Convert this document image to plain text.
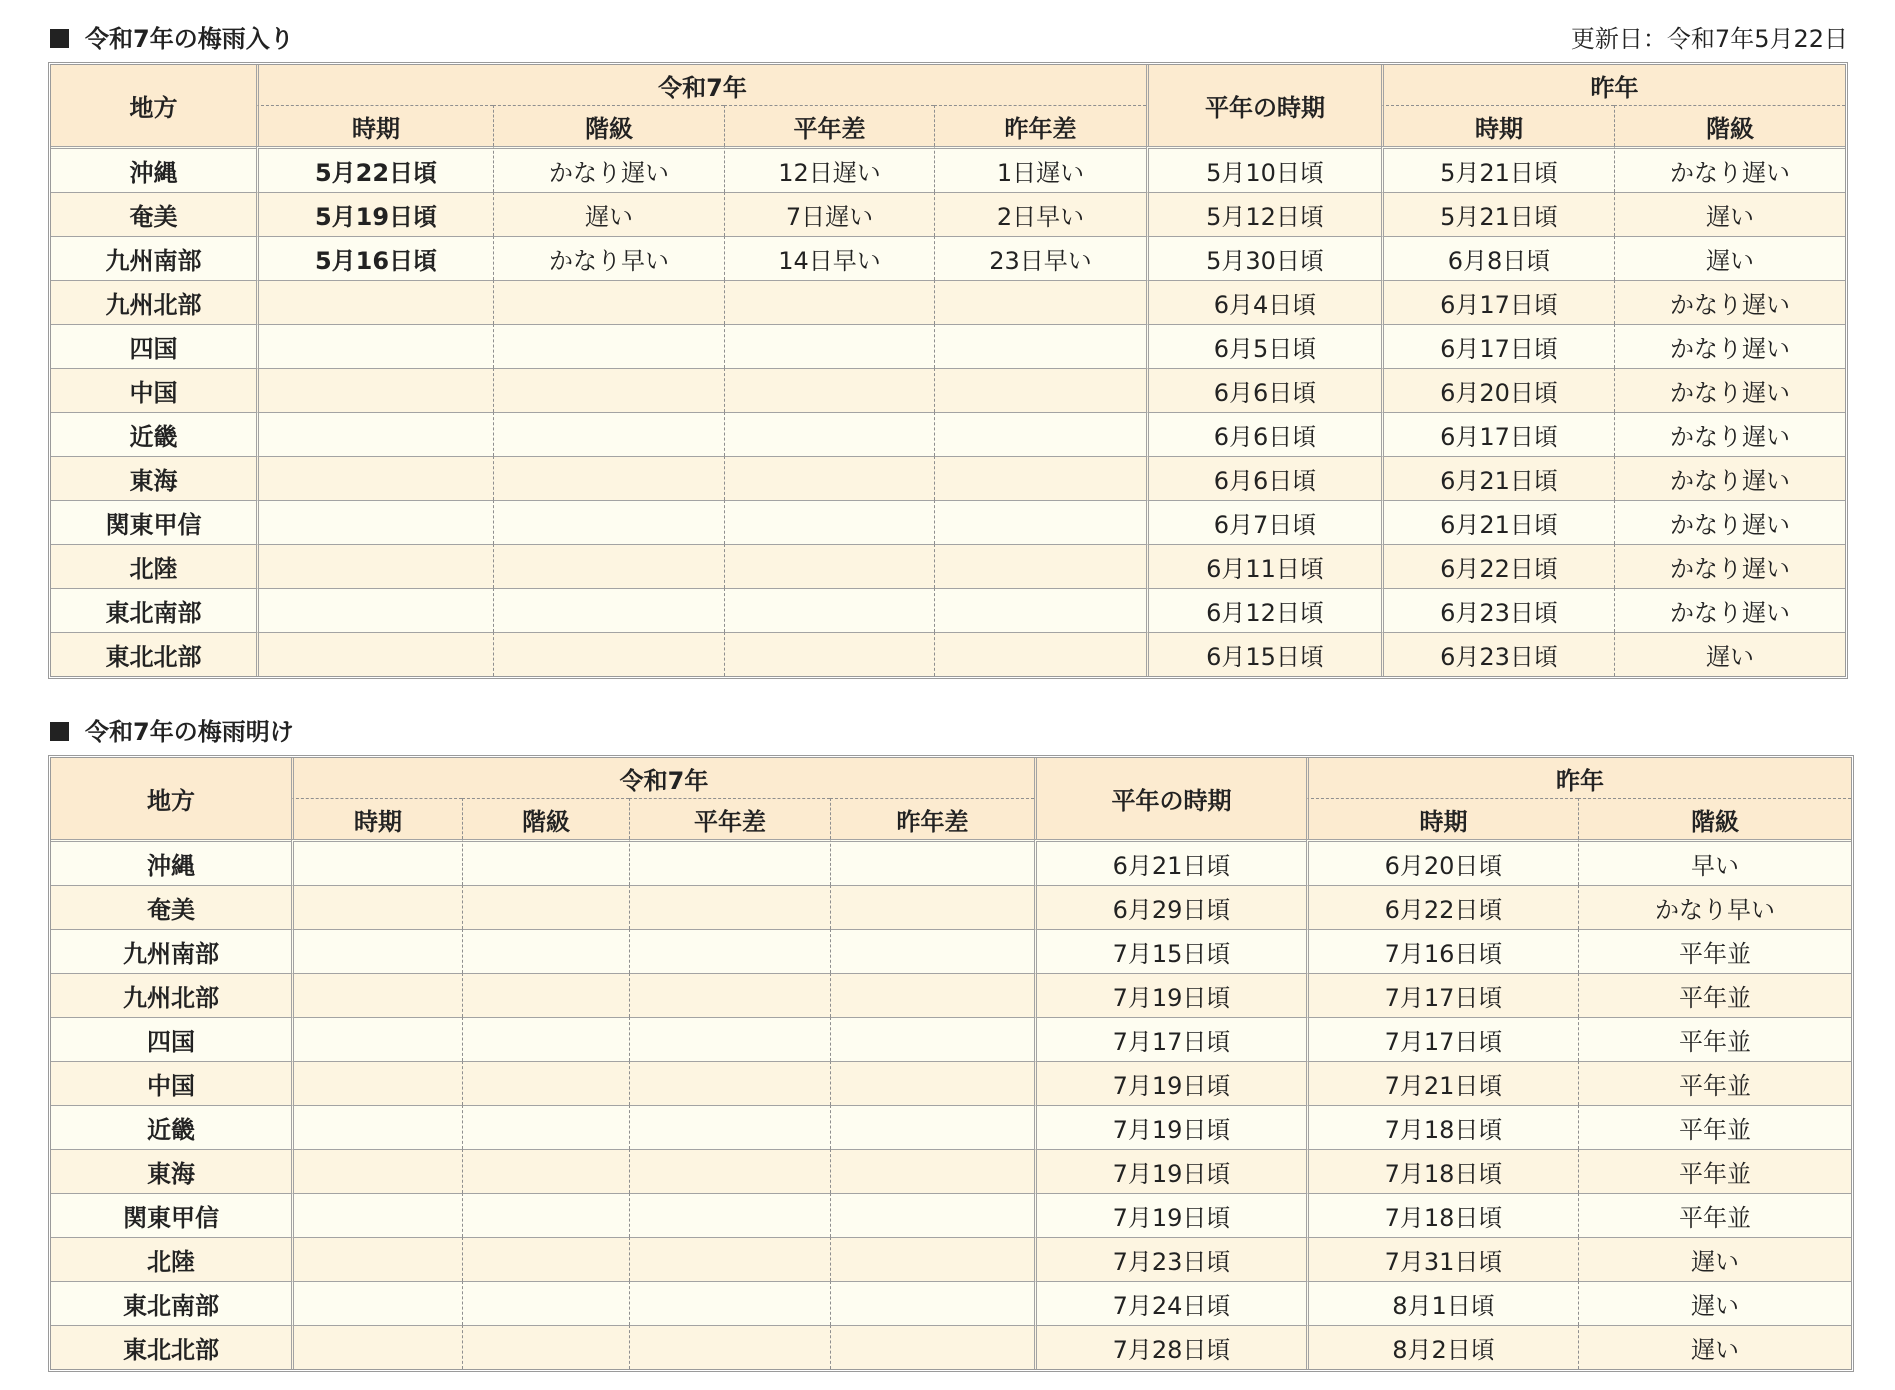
令和7年の梅雨入り	更新日：令和7年5月22日
地方	令和7年				平年の時期	昨年	
	時期	階級	平年差	昨年差		時期	階級
沖縄	5月22日頃	かなり遅い	12日遅い	1日遅い	5月10日頃	5月21日頃	かなり遅い
奄美	5月19日頃	遅い	7日遅い	2日早い	5月12日頃	5月21日頃	遅い
九州南部	5月16日頃	かなり早い	14日早い	23日早い	5月30日頃	6月8日頃	遅い
九州北部					6月4日頃	6月17日頃	かなり遅い
四国					6月5日頃	6月17日頃	かなり遅い
中国					6月6日頃	6月20日頃	かなり遅い
近畿					6月6日頃	6月17日頃	かなり遅い
東海					6月6日頃	6月21日頃	かなり遅い
関東甲信					6月7日頃	6月21日頃	かなり遅い
北陸					6月11日頃	6月22日頃	かなり遅い
東北南部					6月12日頃	6月23日頃	かなり遅い
東北北部					6月15日頃	6月23日頃	遅い
令和7年の梅雨明け
地方	令和7年				平年の時期	昨年	
	時期	階級	平年差	昨年差		時期	階級
沖縄					6月21日頃	6月20日頃	早い
奄美					6月29日頃	6月22日頃	かなり早い
九州南部					7月15日頃	7月16日頃	平年並
九州北部					7月19日頃	7月17日頃	平年並
四国					7月17日頃	7月17日頃	平年並
中国					7月19日頃	7月21日頃	平年並
近畿					7月19日頃	7月18日頃	平年並
東海					7月19日頃	7月18日頃	平年並
関東甲信					7月19日頃	7月18日頃	平年並
北陸					7月23日頃	7月31日頃	遅い
東北南部					7月24日頃	8月1日頃	遅い
東北北部					7月28日頃	8月2日頃	遅い
